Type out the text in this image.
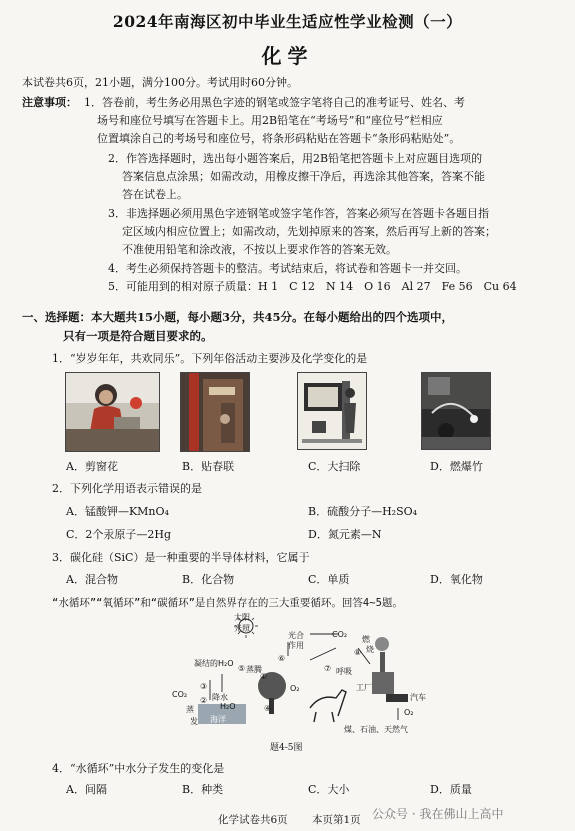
2024年南海区初中毕业生适应性学业检测（一）
化学
本试卷共6页，21小题，满分100分。考试用时60分钟。
注意事项： 1．答卷前，考生务必用黑色字迹的钢笔或签字笔将自己的准考证号、姓名、考
场号和座位号填写在答题卡上。用2B铅笔在“考场号”和“座位号”栏相应
位置填涂自己的考场号和座位号，将条形码粘贴在答题卡“条形码粘贴处”。
2．作答选择题时，选出每小题答案后，用2B铅笔把答题卡上对应题目选项的
答案信息点涂黑；如需改动，用橡皮擦干净后，再选涂其他答案，答案不能
答在试卷上。
3．非选择题必须用黑色字迹钢笔或签字笔作答，答案必须写在答题卡各题目指
定区域内相应位置上；如需改动，先划掉原来的答案，然后再写上新的答案；
不准使用铅笔和涂改液，不按以上要求作答的答案无效。
4．考生必须保持答题卡的整洁。考试结束后，将试卷和答题卡一并交回。
5．可能用到的相对原子质量：H 1　C 12　N 14　O 16　Al 27　Fe 56　Cu 64
一、选择题：本大题共15小题，每小题3分，共45分。在每小题给出的四个选项中，
只有一项是符合题目要求的。
1．“岁岁年年，共欢同乐”。下列年俗活动主要涉及化学变化的是
A．剪窗花	B．贴春联	C．大扫除	D．燃爆竹
2．下列化学用语表示错误的是
A．锰酸钾—KMnO₄	B．硫酸分子—H₂SO₄
C．2个汞原子—2Hg	D．氮元素—N
3．碳化硅（SiC）是一种重要的半导体材料，它属于
A．混合物	B．化合物	C．单质	D．氧化物
“水循环”“氧循环”和“碳循环”是自然界存在的三大重要循环。回答4~5题。
太阳
光照
光合
作用
CO₂
燃
烧
凝结的H₂O
蒸腾	呼吸
CO₂	降水
H₂O
蒸
发 海洋
O₂	工厂
汽车
O₂
煤、石油、天然气
①
②
③
④
⑤
⑥
⑦
⑧
题4-5图
4．“水循环”中水分子发生的变化是
A．间隔	B．种类	C．大小	D．质量
化学试卷共6页 本页第1页 公众号 · 我在佛山上高中
